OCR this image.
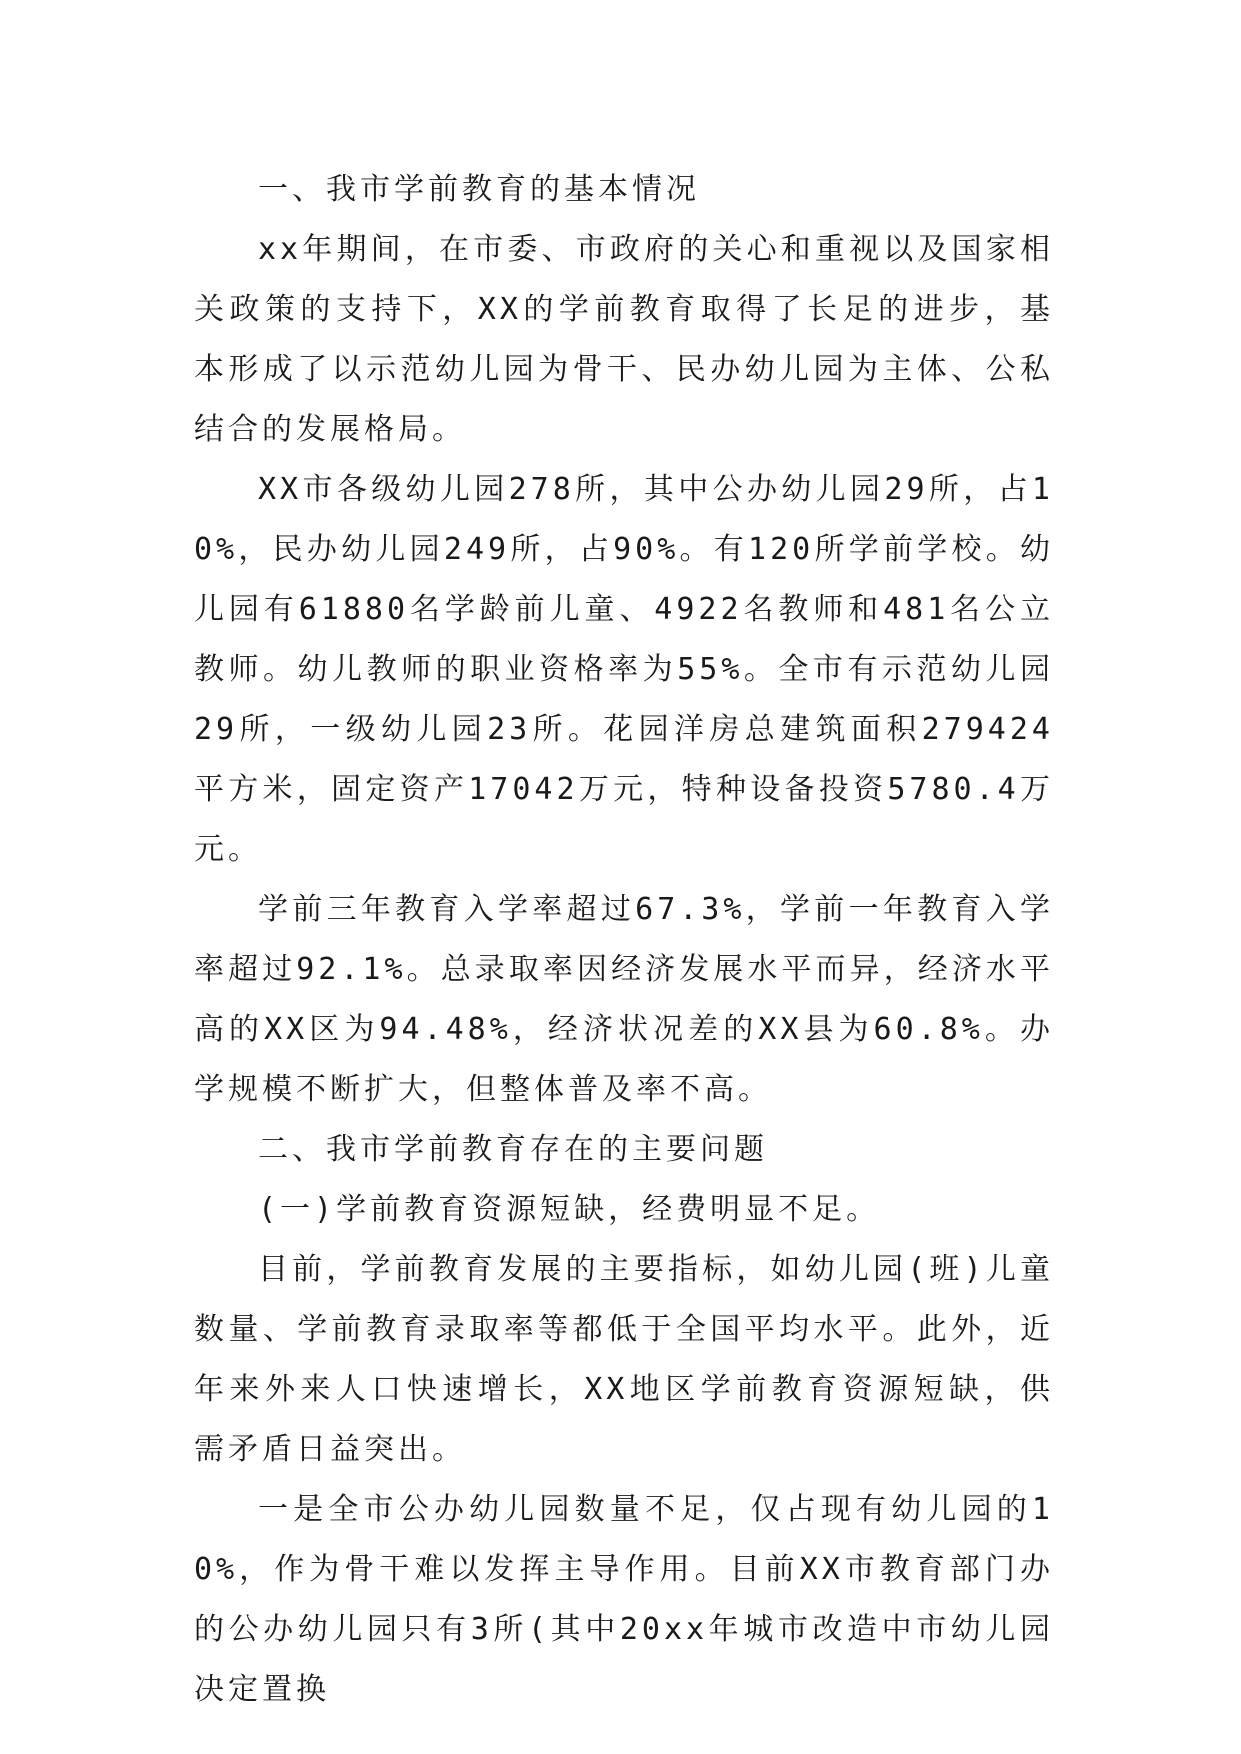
一、我市学前教育的基本情况

xx年期间，在市委、市政府的关心和重视以及国家相关政策的支持下，XX的学前教育取得了长足的进步，基本形成了以示范幼儿园为骨干、民办幼儿园为主体、公私结合的发展格局。

XX市各级幼儿园278所，其中公办幼儿园29所，占10%，民办幼儿园249所，占90%。有120所学前学校。幼儿园有61880名学龄前儿童、4922名教师和481名公立教师。幼儿教师的职业资格率为55%。全市有示范幼儿园29所，一级幼儿园23所。花园洋房总建筑面积279424平方米，固定资产17042万元，特种设备投资5780.4万元。

学前三年教育入学率超过67.3%，学前一年教育入学率超过92.1%。总录取率因经济发展水平而异，经济水平高的XX区为94.48%，经济状况差的XX县为60.8%。办学规模不断扩大，但整体普及率不高。

二、我市学前教育存在的主要问题

(一)学前教育资源短缺，经费明显不足。

目前，学前教育发展的主要指标，如幼儿园(班)儿童数量、学前教育录取率等都低于全国平均水平。此外，近年来外来人口快速增长，XX地区学前教育资源短缺，供需矛盾日益突出。

一是全市公办幼儿园数量不足，仅占现有幼儿园的10%，作为骨干难以发挥主导作用。目前XX市教育部门办的公办幼儿园只有3所(其中20xx年城市改造中市幼儿园决定置换
